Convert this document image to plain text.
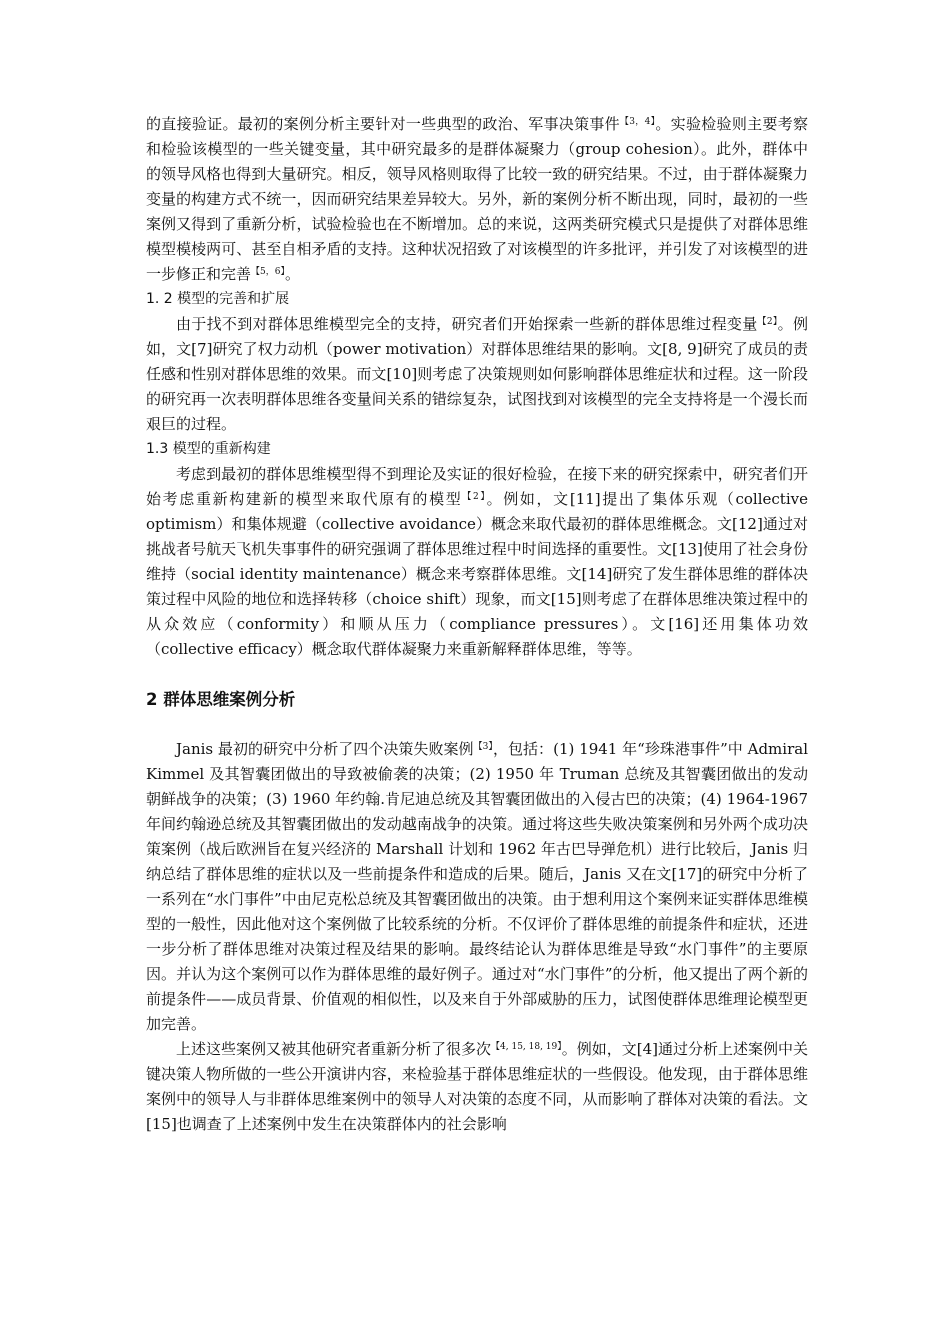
的直接验证。最初的案例分析主要针对一些典型的政治、军事决策事件$^{【3,4】}$。实验检验则主要考察和检验该模型的一些关键变量，其中研究最多的是群体凝聚力（group cohesion）。此外，群体中的领导风格也得到大量研究。相反，领导风格则取得了比较一致的研究结果。不过，由于群体凝聚力变量的构建方式不统一，因而研究结果差异较大。另外，新的案例分析不断出现，同时，最初的一些案例又得到了重新分析，试验检验也在不断增加。总的来说，这两类研究模式只是提供了对群体思维模型模棱两可、甚至自相矛盾的支持。这种状况招致了对该模型的许多批评，并引发了对该模型的进一步修正和完善$^{【5,6】}$。

1. 2 模型的完善和扩展

由于找不到对群体思维模型完全的支持，研究者们开始探索一些新的群体思维过程变量$^{【2】}$。例如，文[7]研究了权力动机（power motivation）对群体思维结果的影响。文[8, 9]研究了成员的责任感和性别对群体思维的效果。而文[10]则考虑了决策规则如何影响群体思维症状和过程。这一阶段的研究再一次表明群体思维各变量间关系的错综复杂，试图找到对该模型的完全支持将是一个漫长而艰巨的过程。

1.3 模型的重新构建

考虑到最初的群体思维模型得不到理论及实证的很好检验，在接下来的研究探索中，研究者们开始考虑重新构建新的模型来取代原有的模型$^{【2】}$。例如，文[11]提出了集体乐观（collective optimism）和集体规避（collective avoidance）概念来取代最初的群体思维概念。文[12]通过对挑战者号航天飞机失事事件的研究强调了群体思维过程中时间选择的重要性。文[13]使用了社会身份维持（social identity maintenance）概念来考察群体思维。文[14]研究了发生群体思维的群体决策过程中风险的地位和选择转移（choice shift）现象，而文[15]则考虑了在群体思维决策过程中的从众效应（conformity）和顺从压力（compliance pressures）。文[16]还用集体功效（collective efficacy）概念取代群体凝聚力来重新解释群体思维，等等。

2 群体思维案例分析

Janis 最初的研究中分析了四个决策失败案例$^{【3】}$，包括：(1) 1941 年“珍珠港事件”中 Admiral Kimmel 及其智囊团做出的导致被偷袭的决策；(2) 1950 年 Truman 总统及其智囊团做出的发动朝鲜战争的决策；(3) 1960 年约翰.肯尼迪总统及其智囊团做出的入侵古巴的决策；(4) 1964-1967 年间约翰逊总统及其智囊团做出的发动越南战争的决策。通过将这些失败决策案例和另外两个成功决策案例（战后欧洲旨在复兴经济的 Marshall 计划和 1962 年古巴导弹危机）进行比较后，Janis 归纳总结了群体思维的症状以及一些前提条件和造成的后果。随后，Janis 又在文[17]的研究中分析了一系列在“水门事件”中由尼克松总统及其智囊团做出的决策。由于想利用这个案例来证实群体思维模型的一般性，因此他对这个案例做了比较系统的分析。不仅评价了群体思维的前提条件和症状，还进一步分析了群体思维对决策过程及结果的影响。最终结论认为群体思维是导致“水门事件”的主要原因。并认为这个案例可以作为群体思维的最好例子。通过对“水门事件”的分析，他又提出了两个新的前提条件——成员背景、价值观的相似性，以及来自于外部威胁的压力，试图使群体思维理论模型更加完善。

上述这些案例又被其他研究者重新分析了很多次$^{【4, 15, 18, 19】}$。例如，文[4]通过分析上述案例中关键决策人物所做的一些公开演讲内容，来检验基于群体思维症状的一些假设。他发现，由于群体思维案例中的领导人与非群体思维案例中的领导人对决策的态度不同，从而影响了群体对决策的看法。文[15]也调查了上述案例中发生在决策群体内的社会影响
